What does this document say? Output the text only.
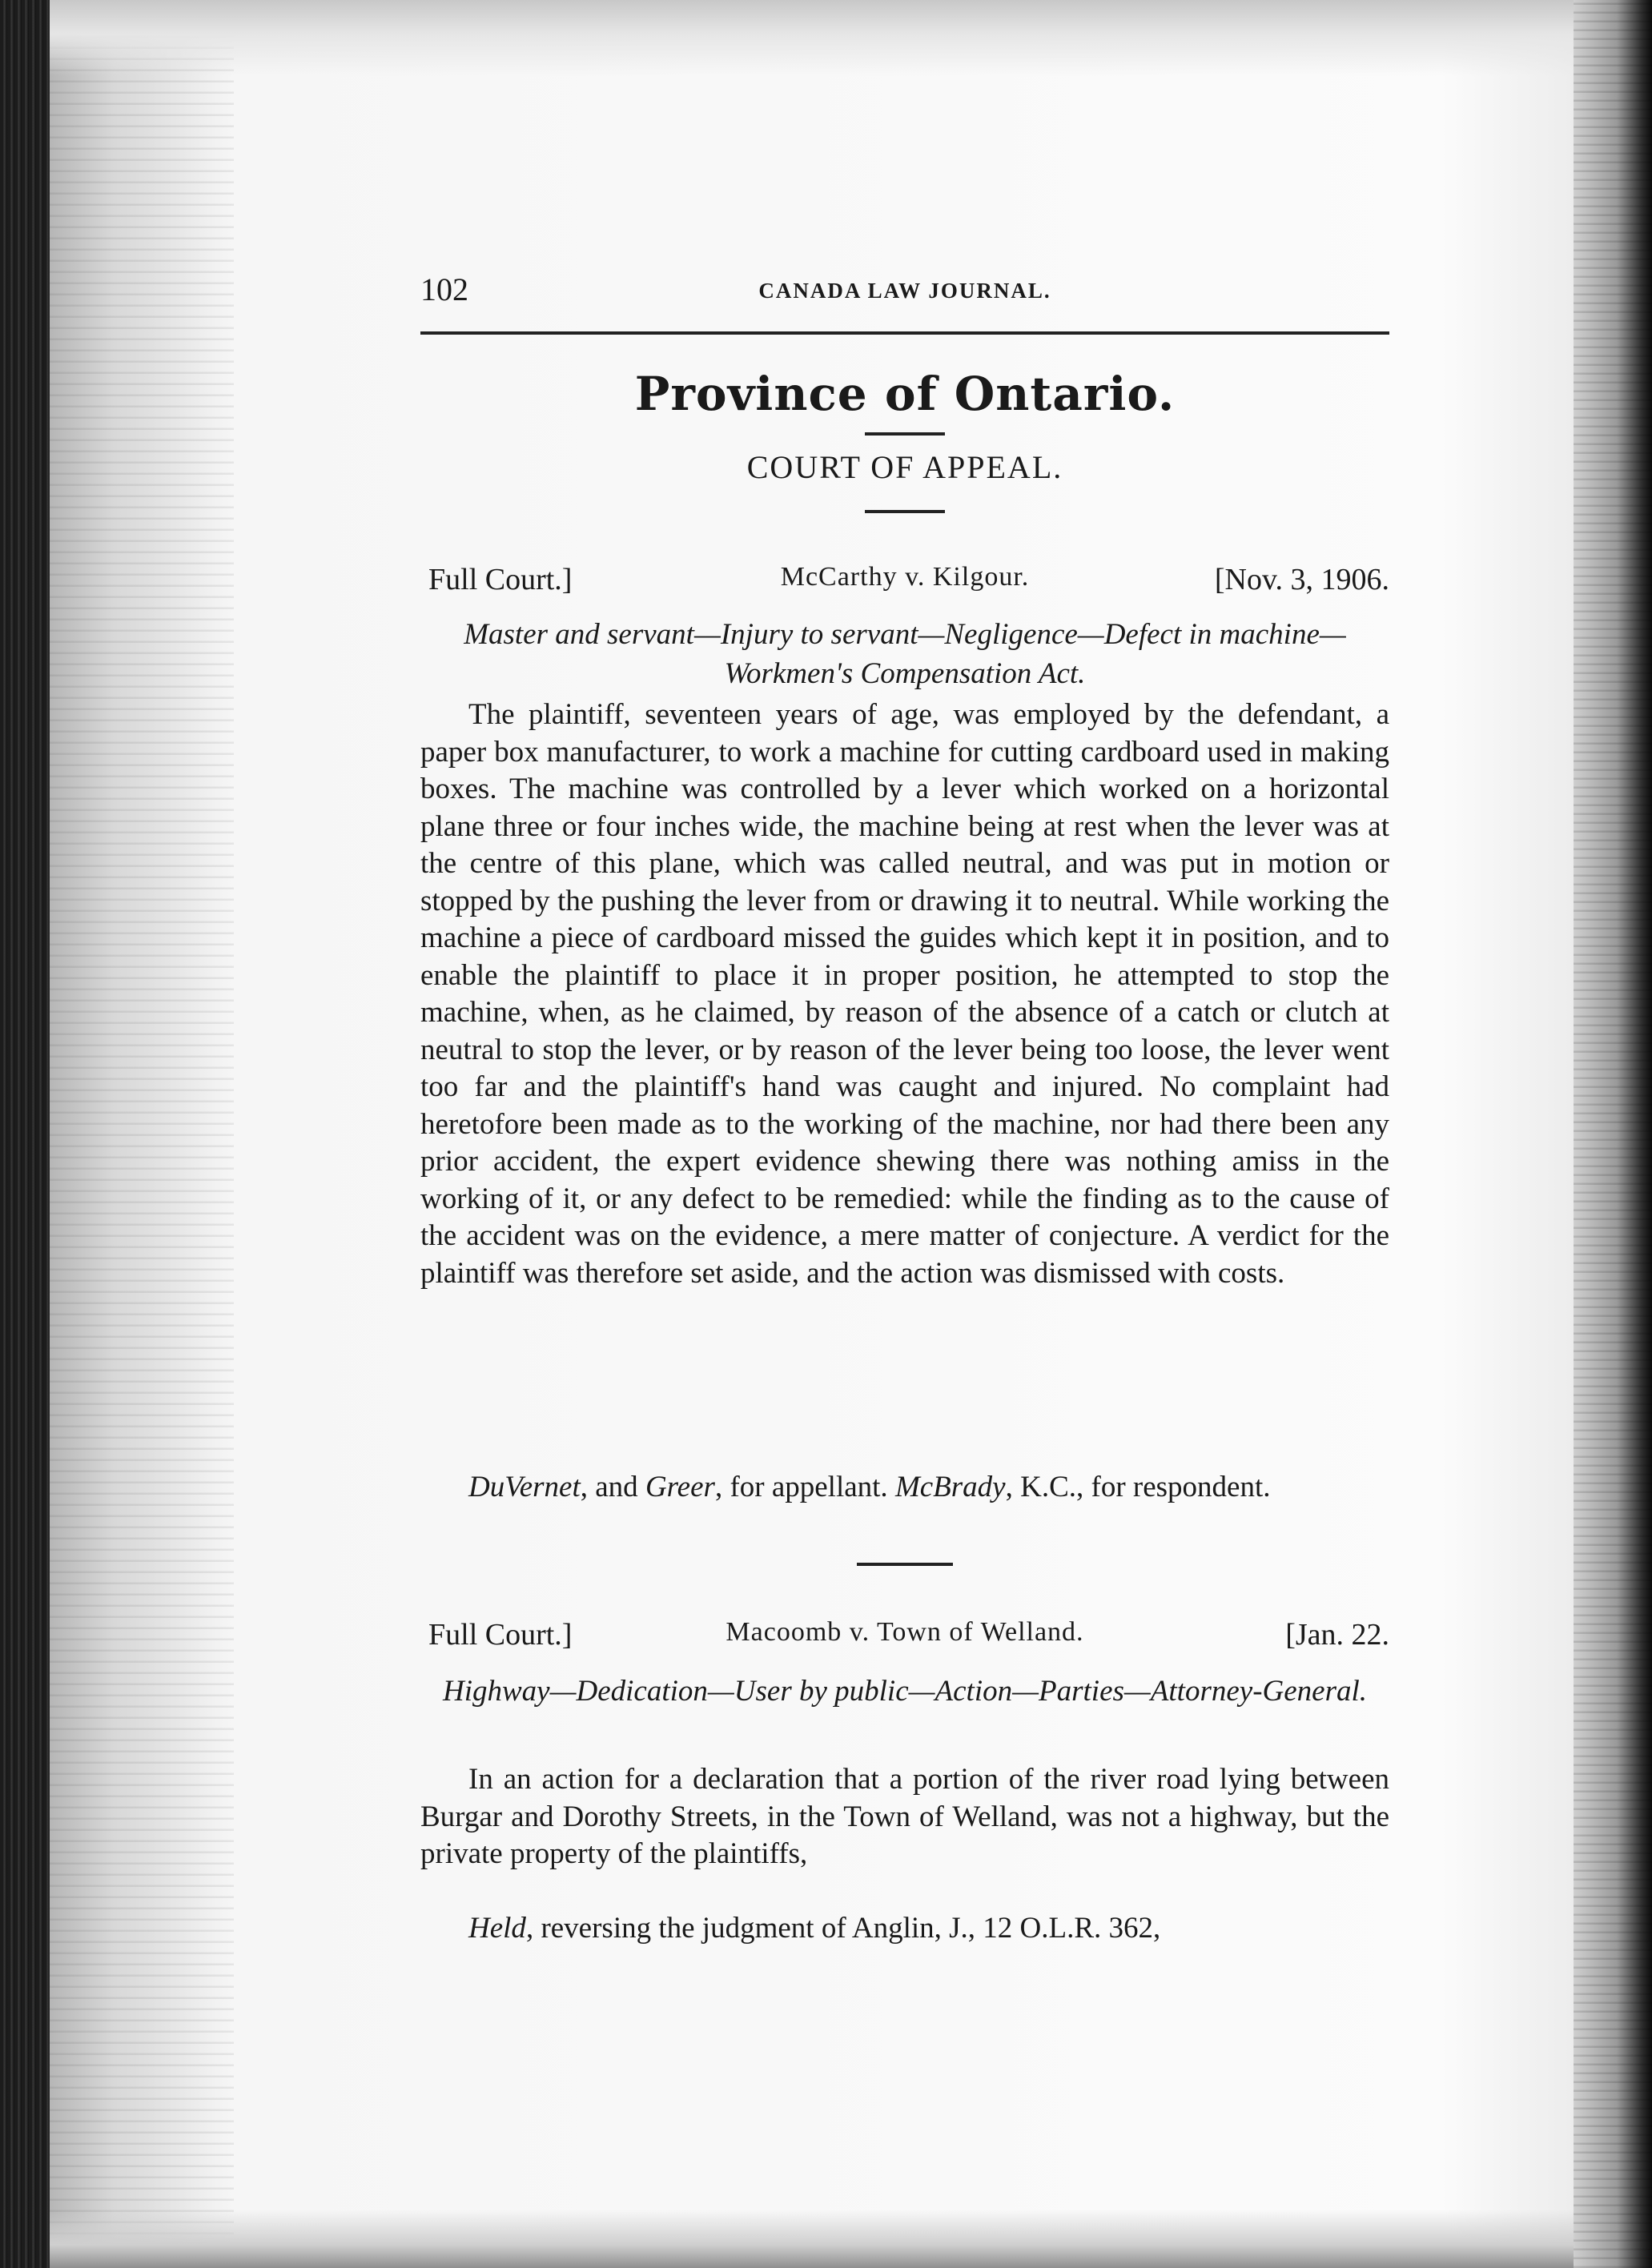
102	CANADA LAW JOURNAL.
Province of Ontario.
COURT OF APPEAL.
Full Court.]	McCarthy v. Kilgour.	[Nov. 3, 1906.
Master and servant—Injury to servant—Negligence—Defect in machine—Workmen's Compensation Act.

The plaintiff, seventeen years of age, was employed by the defendant, a paper box manufacturer, to work a machine for cutting cardboard used in making boxes. The machine was controlled by a lever which worked on a horizontal plane three or four inches wide, the machine being at rest when the lever was at the centre of this plane, which was called neutral, and was put in motion or stopped by the pushing the lever from or drawing it to neutral. While working the machine a piece of cardboard missed the guides which kept it in position, and to enable the plaintiff to place it in proper position, he attempted to stop the machine, when, as he claimed, by reason of the absence of a catch or clutch at neutral to stop the lever, or by reason of the lever being too loose, the lever went too far and the plaintiff's hand was caught and injured. No complaint had heretofore been made as to the working of the machine, nor had there been any prior accident, the expert evidence shewing there was nothing amiss in the working of it, or any defect to be remedied: while the finding as to the cause of the accident was on the evidence, a mere matter of conjecture. A verdict for the plaintiff was therefore set aside, and the action was dismissed with costs.

DuVernet, and Greer, for appellant. McBrady, K.C., for respondent.

Full Court.]	Macoomb v. Town of Welland.	[Jan. 22.
Highway—Dedication—User by public—Action—Parties—Attorney-General.

In an action for a declaration that a portion of the river road lying between Burgar and Dorothy Streets, in the Town of Welland, was not a highway, but the private property of the plaintiffs,

Held, reversing the judgment of Anglin, J., 12 O.L.R. 362,
